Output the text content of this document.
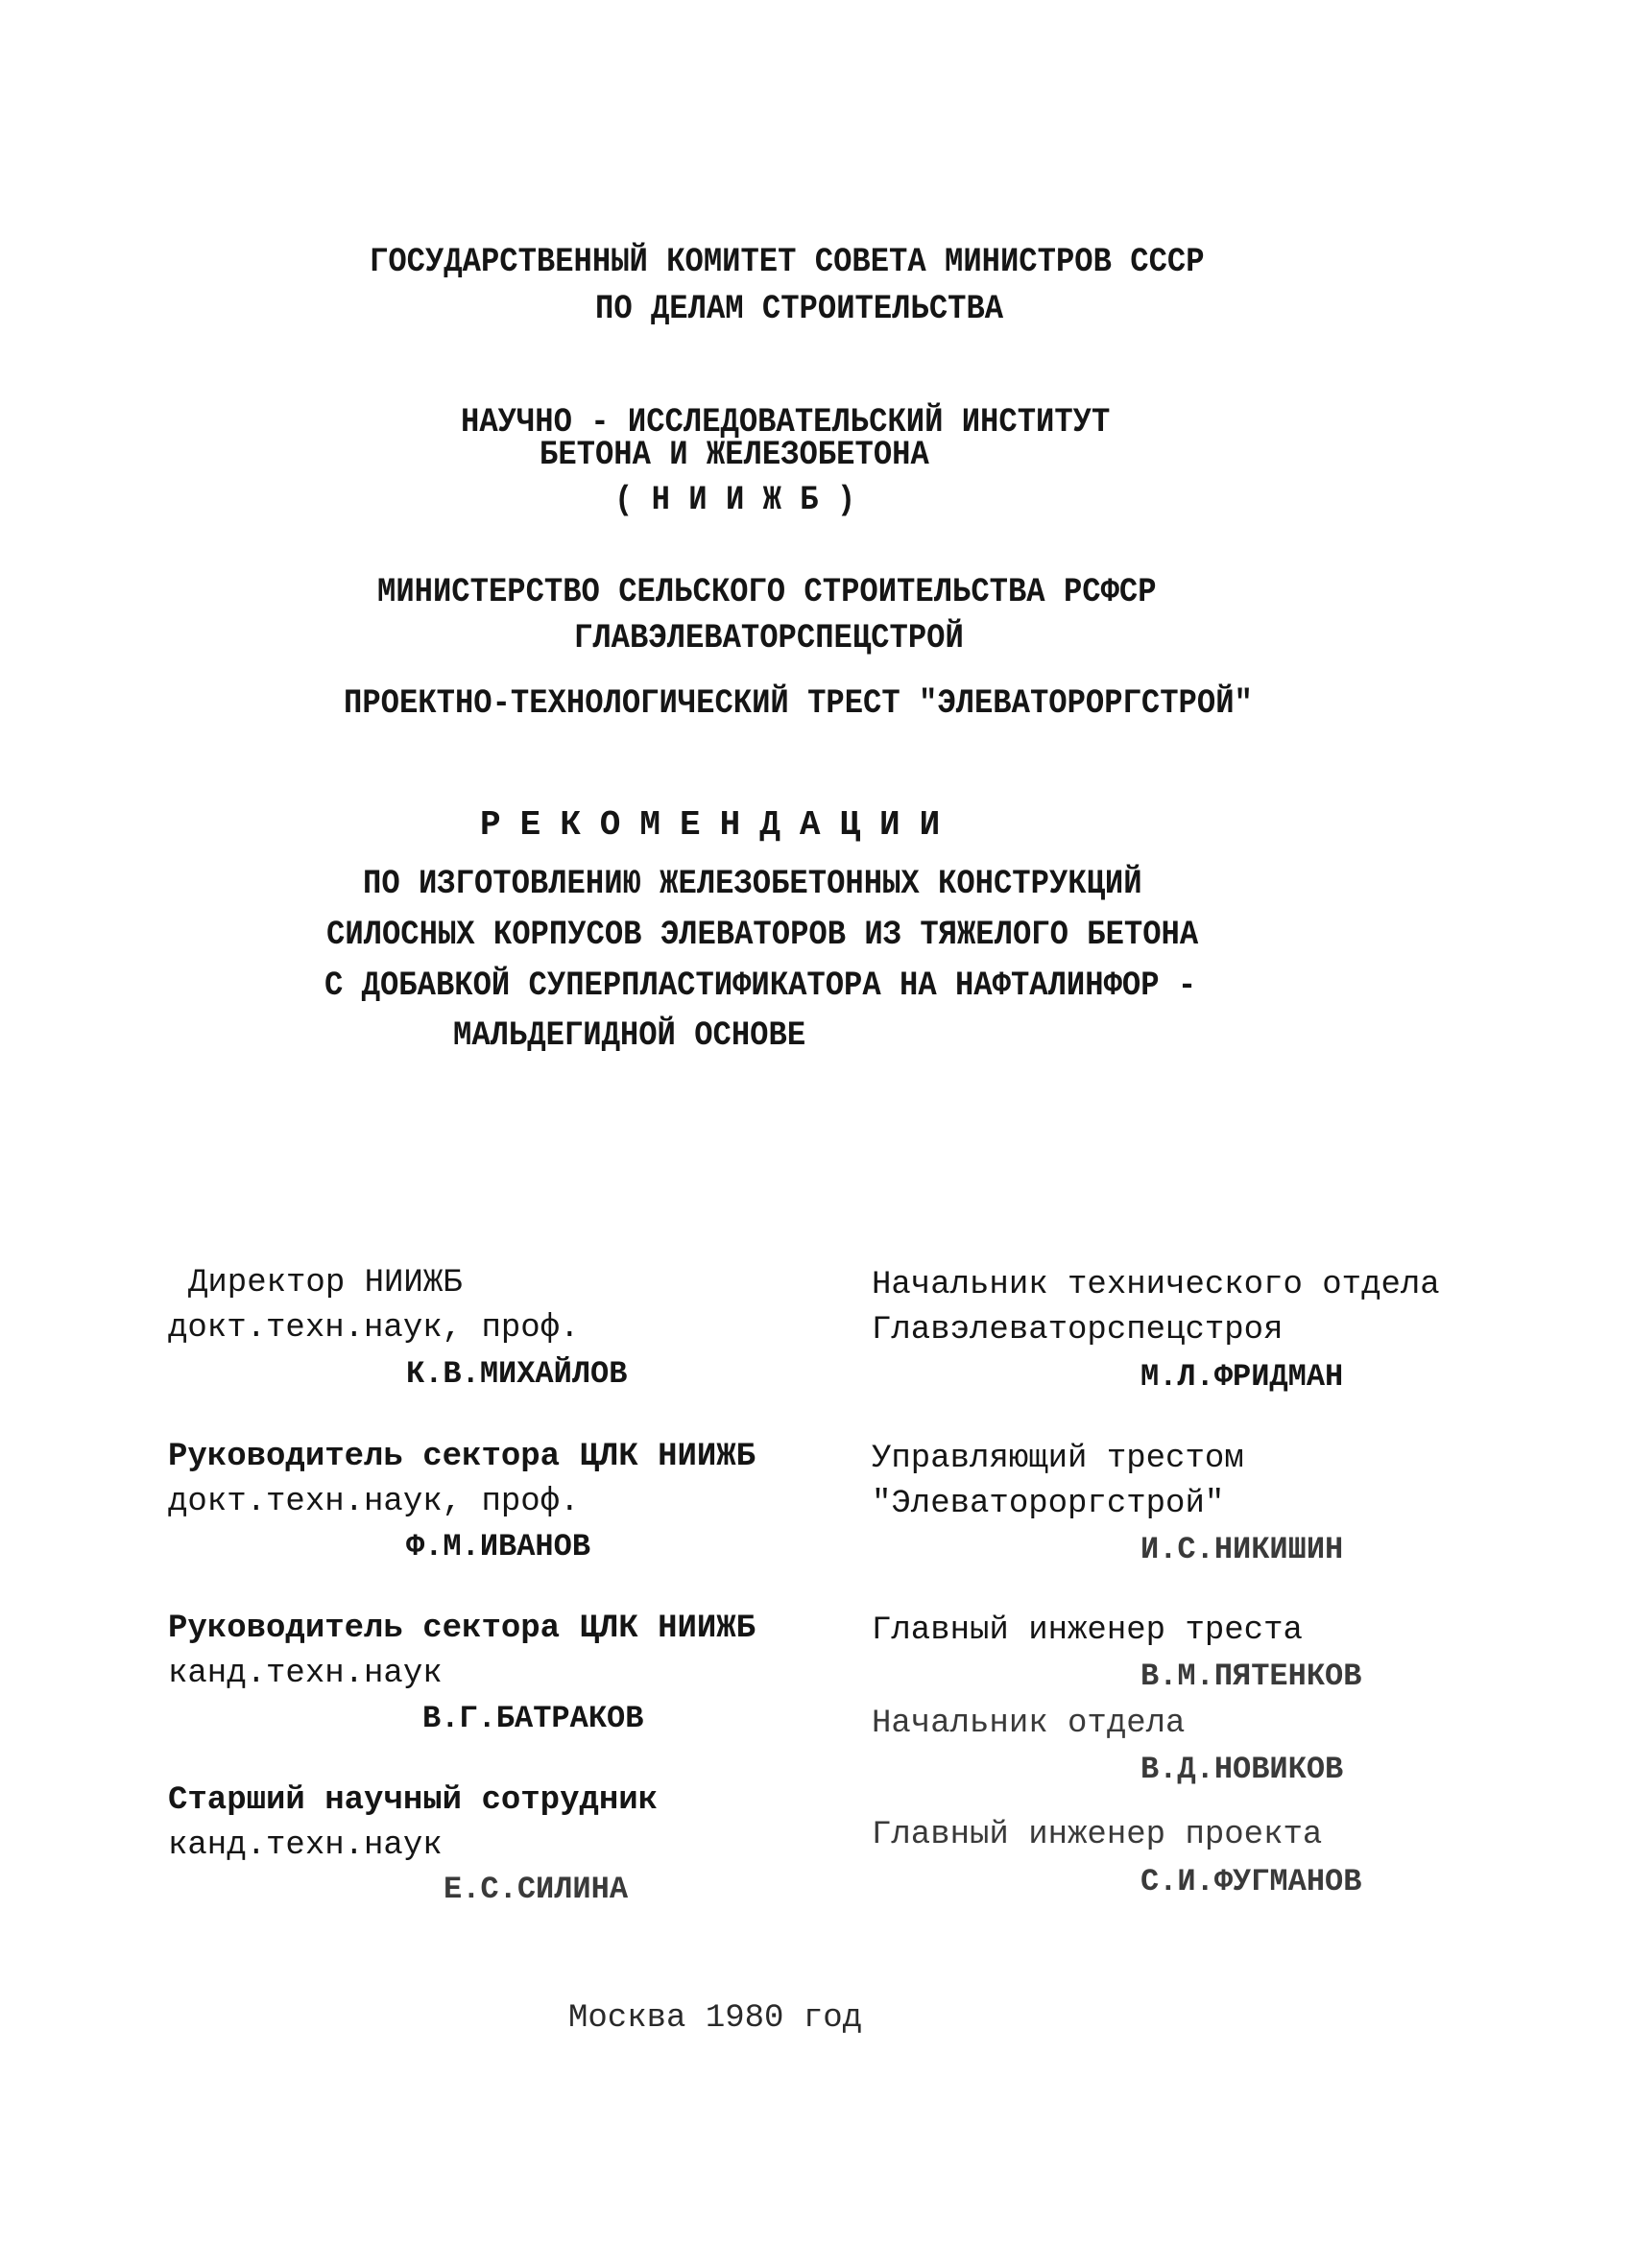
ГОСУДАРСТВЕННЫЙ КОМИТЕТ СОВЕТА МИНИСТРОВ СССР
ПО ДЕЛАМ СТРОИТЕЛЬСТВА
НАУЧНО - ИССЛЕДОВАТЕЛЬСКИЙ ИНСТИТУТ
БЕТОНА И ЖЕЛЕЗОБЕТОНА
( Н И И Ж Б )
МИНИСТЕРСТВО СЕЛЬСКОГО СТРОИТЕЛЬСТВА РСФСР
ГЛАВЭЛЕВАТОРСПЕЦСТРОЙ
ПРОЕКТНО-ТЕХНОЛОГИЧЕСКИЙ ТРЕСТ "ЭЛЕВАТОРОРГСТРОЙ"
РЕКОМЕНДАЦИИ
ПО ИЗГОТОВЛЕНИЮ ЖЕЛЕЗОБЕТОННЫХ КОНСТРУКЦИЙ
СИЛОСНЫХ КОРПУСОВ ЭЛЕВАТОРОВ ИЗ ТЯЖЕЛОГО БЕТОНА
С ДОБАВКОЙ СУПЕРПЛАСТИФИКАТОРА НА НАФТАЛИНФОР -
МАЛЬДЕГИДНОЙ ОСНОВЕ
Директор НИИЖБ
докт.техн.наук, проф.
К.В.МИХАЙЛОВ
Руководитель сектора ЦЛК НИИЖБ
докт.техн.наук, проф.
Ф.М.ИВАНОВ
Руководитель сектора ЦЛК НИИЖБ
канд.техн.наук
В.Г.БАТРАКОВ
Старший научный сотрудник
канд.техн.наук
Е.С.СИЛИНА
Начальник технического отдела
Главэлеваторспецстроя
М.Л.ФРИДМАН
Управляющий трестом
"Элеватороргстрой"
И.С.НИКИШИН
Главный инженер треста
В.М.ПЯТЕНКОВ
Начальник отдела
В.Д.НОВИКОВ
Главный инженер проекта
С.И.ФУГМАНОВ
Москва 1980 год
